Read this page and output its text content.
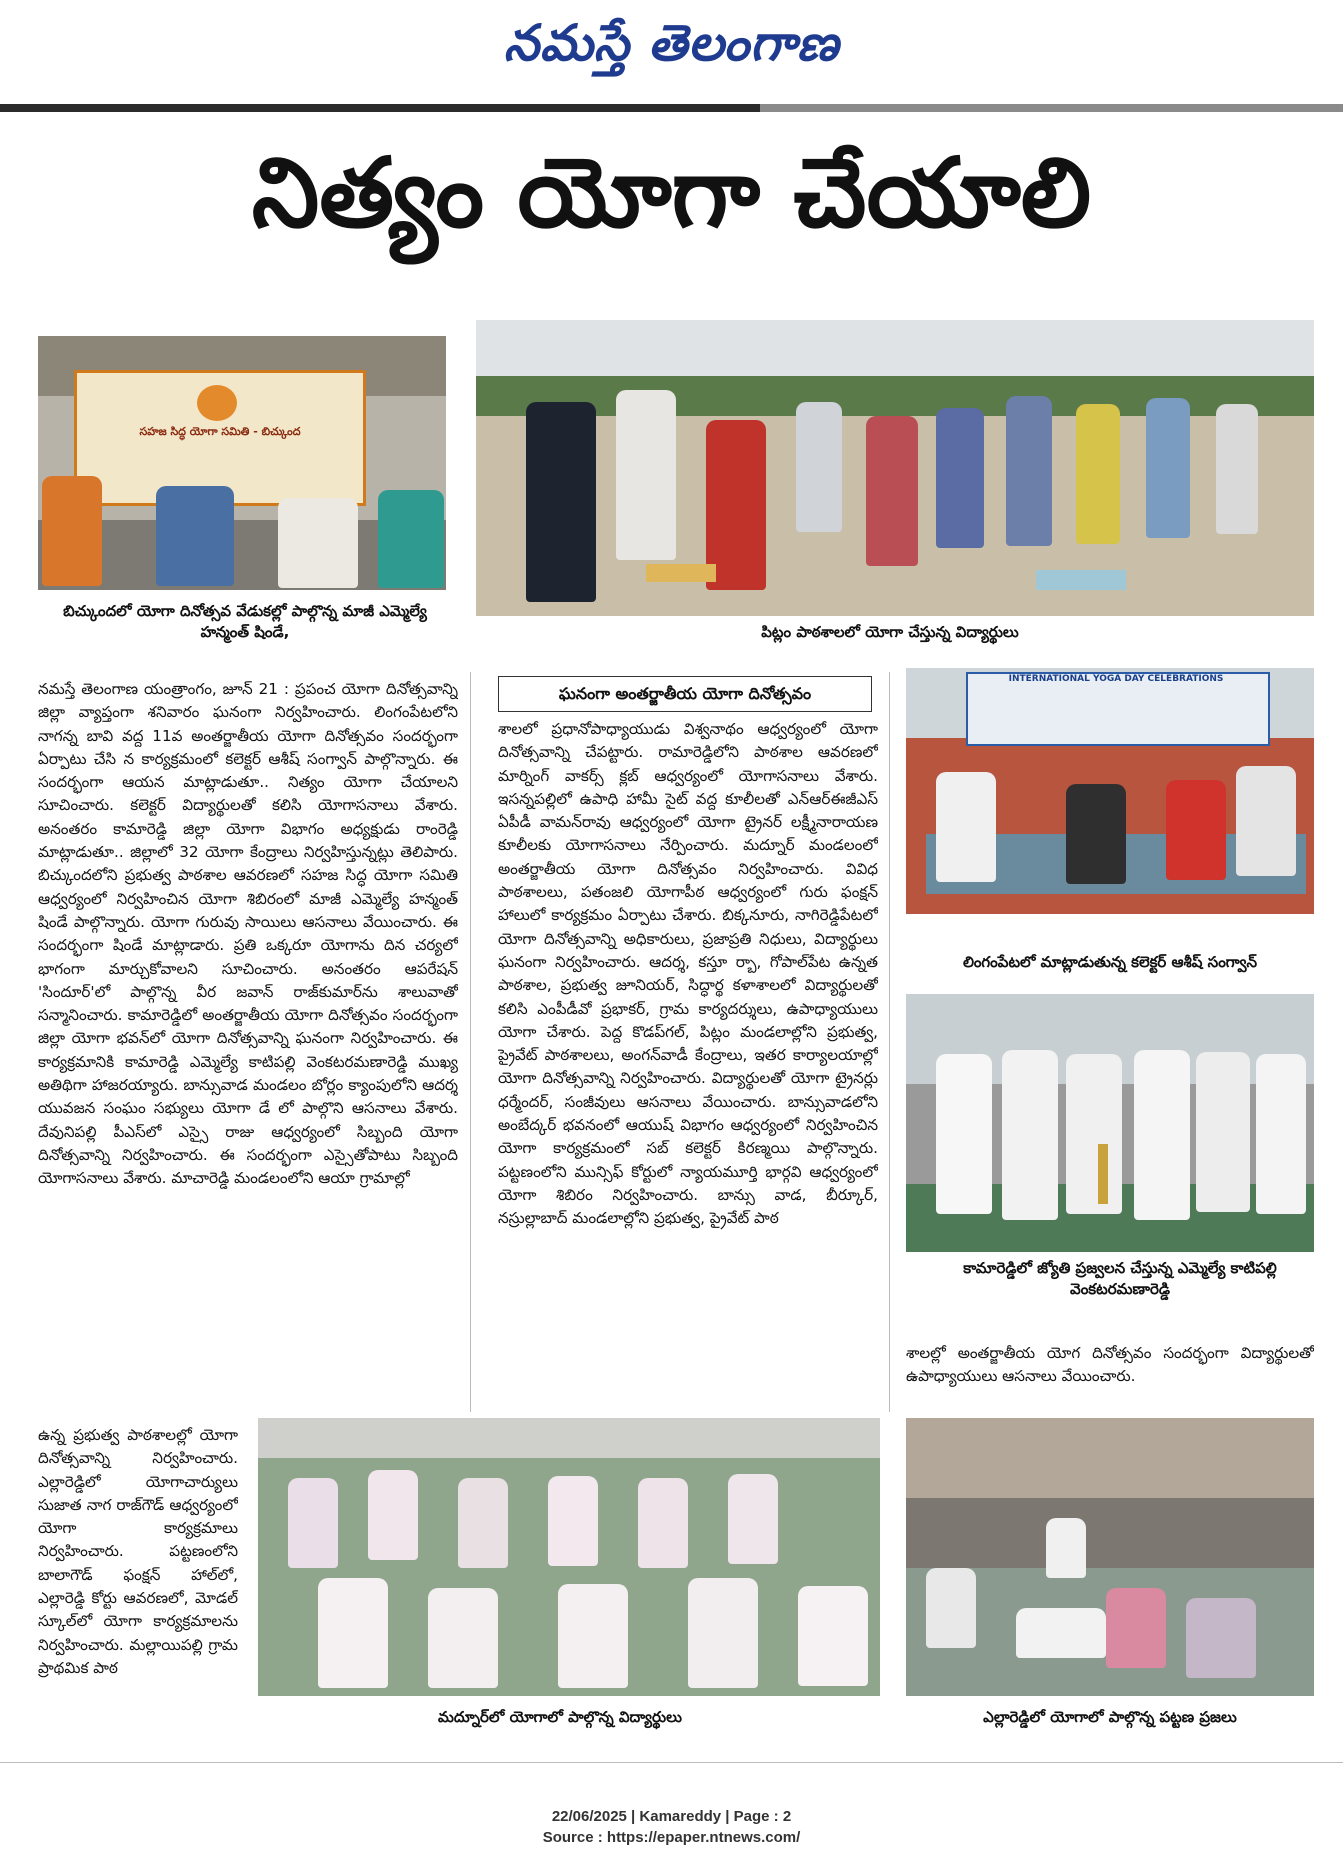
నమస్తే తెలంగాణ
నిత్యం యోగా చేయాలి
సహజ సిద్ధ యోగా సమితి - బిచ్కుంద
బిచ్కుందలో యోగా దినోత్సవ వేడుకల్లో పాల్గొన్న మాజీ ఎమ్మెల్యే హన్మంత్ షిండే,	పిట్లం పాఠశాలలో యోగా చేస్తున్న విద్యార్థులు
నమస్తే తెలంగాణ యంత్రాంగం, జూన్ 21 : ప్రపంచ యోగా దినోత్సవాన్ని జిల్లా వ్యాప్తంగా శనివారం ఘనంగా నిర్వహించారు. లింగంపేటలోని నాగన్న బావి వద్ద 11వ అంతర్జాతీయ యోగా దినోత్సవం సందర్భంగా ఏర్పాటు చేసి న కార్యక్రమంలో కలెక్టర్ ఆశీష్ సంగ్వాన్ పాల్గొన్నారు. ఈ సందర్భంగా ఆయన మాట్లాడుతూ.. నిత్యం యోగా చేయాలని సూచించారు. కలెక్టర్ విద్యార్థులతో కలిసి యోగాసనాలు వేశారు. అనంతరం కామారెడ్డి జిల్లా యోగా విభాగం అధ్యక్షుడు రాంరెడ్డి మాట్లాడుతూ.. జిల్లాలో 32 యోగా కేంద్రాలు నిర్వహిస్తున్నట్లు తెలిపారు. బిచ్కుందలోని ప్రభుత్వ పాఠశాల ఆవరణలో సహజ సిద్ధ యోగా సమితి ఆధ్వర్యంలో నిర్వహించిన యోగా శిబిరంలో మాజీ ఎమ్మెల్యే హన్మంత్ షిండే పాల్గొన్నారు. యోగా గురువు సాయిలు ఆసనాలు వేయించారు. ఈ సందర్భంగా షిండే మాట్లాడారు. ప్రతి ఒక్కరూ యోగాను దిన చర్యలో భాగంగా మార్చుకోవాలని సూచించారు. అనంతరం ఆపరేషన్ 'సిందూర్'లో పాల్గొన్న వీర జవాన్ రాజ్‌కుమార్‌ను శాలువాతో సన్మానించారు. కామారెడ్డిలో అంతర్జాతీయ యోగా దినోత్సవం సందర్భంగా జిల్లా యోగా భవన్‌లో యోగా దినోత్సవాన్ని ఘనంగా నిర్వహించారు. ఈ కార్యక్రమానికి కామారెడ్డి ఎమ్మెల్యే కాటిపల్లి వెంకటరమణారెడ్డి ముఖ్య అతిథిగా హాజరయ్యారు. బాన్సువాడ మండలం బోర్లం క్యాంపులోని ఆదర్శ యువజన సంఘం సభ్యులు యోగా డే లో పాల్గొని ఆసనాలు వేశారు. దేవునిపల్లి పీఎస్‌లో ఎస్సై రాజు ఆధ్వర్యంలో సిబ్బంది యోగా దినోత్సవాన్ని నిర్వహించారు. ఈ సందర్భంగా ఎస్సైతోపాటు సిబ్బంది యోగాసనాలు వేశారు. మాచారెడ్డి మండలంలోని ఆయా గ్రామాల్లో
ఉన్న ప్రభుత్వ పాఠశాలల్లో యోగా దినోత్సవాన్ని నిర్వహించారు. ఎల్లారెడ్డిలో యోగాచార్యులు సుజాత నాగ రాజ్‌గౌడ్ ఆధ్వర్యంలో యోగా కార్యక్రమాలు నిర్వహించారు. పట్టణంలోని బాలాగౌడ్ ఫంక్షన్ హాల్‌లో, ఎల్లారెడ్డి కోర్టు ఆవరణలో, మోడల్ స్కూల్‌లో యోగా కార్యక్రమాలను నిర్వహించారు. మల్లాయిపల్లి గ్రామ ప్రాథమిక పాఠ
ఘనంగా అంతర్జాతీయ యోగా దినోత్సవం
శాలలో ప్రధానోపాధ్యాయుడు విశ్వనాథం ఆధ్వర్యంలో యోగా దినోత్సవాన్ని చేపట్టారు. రామారెడ్డిలోని పాఠశాల ఆవరణలో మార్నింగ్ వాకర్స్ క్లబ్ ఆధ్వర్యంలో యోగాసనాలు వేశారు. ఇసన్నపల్లిలో ఉపాధి హామీ సైట్ వద్ద కూలీలతో ఎన్‌ఆర్‌ఈజీఎస్ ఏపీడీ వామన్‌రావు ఆధ్వర్యంలో యోగా ట్రైనర్ లక్ష్మీనారాయణ కూలీలకు యోగాసనాలు నేర్పించారు. మద్నూర్ మండలంలో అంతర్జాతీయ యోగా దినోత్సవం నిర్వహించారు. వివిధ పాఠశాలలు, పతంజలి యోగాపీఠ ఆధ్వర్యంలో గురు ఫంక్షన్ హాలులో కార్యక్రమం ఏర్పాటు చేశారు. బిక్కనూరు, నాగిరెడ్డిపేటలో యోగా దినోత్సవాన్ని అధికారులు, ప్రజాప్రతి నిధులు, విద్యార్థులు ఘనంగా నిర్వహించారు. ఆదర్శ, కస్తూ ర్బా, గోపాల్‌పేట ఉన్నత పాఠశాల, ప్రభుత్వ జూనియర్, సిద్ధార్థ కళాశాలలో విద్యార్థులతో కలిసి ఎంపీడీవో ప్రభాకర్, గ్రామ కార్యదర్శులు, ఉపాధ్యాయులు యోగా చేశారు. పెద్ద కొడప్‌గల్, పిట్లం మండలాల్లోని ప్రభుత్వ, ప్రైవేట్ పాఠశాలలు, అంగన్‌వాడీ కేంద్రాలు, ఇతర కార్యాలయాల్లో యోగా దినోత్సవాన్ని నిర్వహించారు. విద్యార్థులతో యోగా ట్రైనర్లు ధర్మేందర్, సంజీవులు ఆసనాలు వేయించారు. బాన్సువాడలోని అంబేద్కర్ భవనంలో ఆయుష్ విభాగం ఆధ్వర్యంలో నిర్వహించిన యోగా కార్యక్రమంలో సబ్ కలెక్టర్ కిరణ్మయి పాల్గొన్నారు. పట్టణంలోని మున్సిఫ్ కోర్టులో న్యాయమూర్తి భార్గవి ఆధ్వర్యంలో యోగా శిబిరం నిర్వహించారు. బాన్సు వాడ, బీర్కూర్, నస్రుల్లాబాద్ మండలాల్లోని ప్రభుత్వ, ప్రైవేట్ పాఠ
INTERNATIONAL YOGA DAY CELEBRATIONS
లింగంపేటలో మాట్లాడుతున్న కలెక్టర్ ఆశీష్ సంగ్వాన్
కామారెడ్డిలో జ్యోతి ప్రజ్వలన చేస్తున్న ఎమ్మెల్యే కాటిపల్లి వెంకటరమణారెడ్డి
శాలల్లో అంతర్జాతీయ యోగ దినోత్సవం సందర్భంగా విద్యార్థులతో ఉపాధ్యాయులు ఆసనాలు వేయించారు.
మద్నూర్‌లో యోగాలో పాల్గొన్న విద్యార్థులు	ఎల్లారెడ్డిలో యోగాలో పాల్గొన్న పట్టణ ప్రజలు
22/06/2025 | Kamareddy | Page : 2
Source : https://epaper.ntnews.com/
